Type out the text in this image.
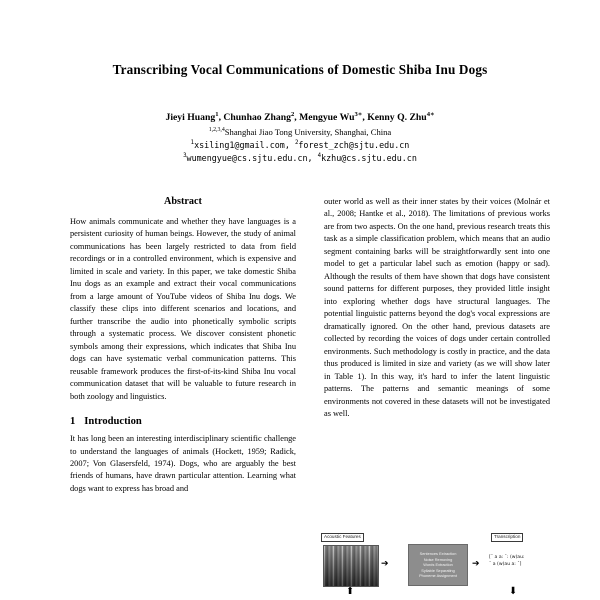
Transcribing Vocal Communications of Domestic Shiba Inu Dogs
Jieyi Huang$^1$, Chunhao Zhang$^2$, Mengyue $Wu^{3∗}$, Kenny Q. Zhu$^{4∗}$
$^{1,2,3,4}$Shanghai Jiao Tong University, Shanghai, China
$^1$xsiling1@gmail.com, $^2$forest_zch@sjtu.edu.cn
$^3$wumengyue@cs.sjtu.edu.cn, $^4$kzhu@cs.sjtu.edu.cn
Abstract

How animals communicate and whether they have languages is a persistent curiosity of human beings. However, the study of animal communications has been largely restricted to data from field recordings or in a controlled environment, which is expensive and limited in scale and variety. In this paper, we take domestic Shiba Inu dogs as an example and extract their vocal communications from a large amount of YouTube videos of Shiba Inu dogs. We classify these clips into different scenarios and locations, and further transcribe the audio into phonetically symbolic scripts through a systematic process. We discover consistent phonetic symbols among their expressions, which indicates that Shiba Inu dogs can have systematic verbal communication patterns. This reusable framework produces the first-of-its-kind Shiba Inu vocal communication dataset that will be valuable to future research in both zoology and linguistics.

1 Introduction

It has long been an interesting interdisciplinary scientific challenge to understand the languages of animals (Hockett, 1959; Radick, 2007; Von Glasersfeld, 1974). Dogs, who are arguably the best friends of humans, have drawn particular attention. Learning what dogs want to express has broad and

outer world as well as their inner states by their voices (Molnár et al., 2008; Hantke et al., 2018). The limitations of previous works are from two aspects. On the one hand, previous research treats this task as a simple classification problem, which means that an audio segment containing barks will be straightforwardly sent into one model to get a particular label such as emotion (happy or sad). Although the results of them have shown that dogs have consistent sound patterns for different purposes, they provided little insight into exploring whether dogs have structural languages. The potential linguistic patterns beyond the dog's vocal expressions are dramatically ignored. On the other hand, previous datasets are collected by recording the voices of dogs under certain controlled environments. Such methodology is costly in practice, and the data thus produced is limited in size and variety (as we will show later in Table 1). In this way, it's hard to infer the latent linguistic patterns. The patterns and semantic meanings of some environments not covered in these datasets will not be investigated as well.

Acoustic Features	Transcription
➔
Sentences Extraction
Noise Removing
Words Extraction
Syllable Separating
Phoneme Assignment
➔
[ˆ a aː ˆː (w)auː
ˆ a (w)au aː ˆ]
⬆	⬇
